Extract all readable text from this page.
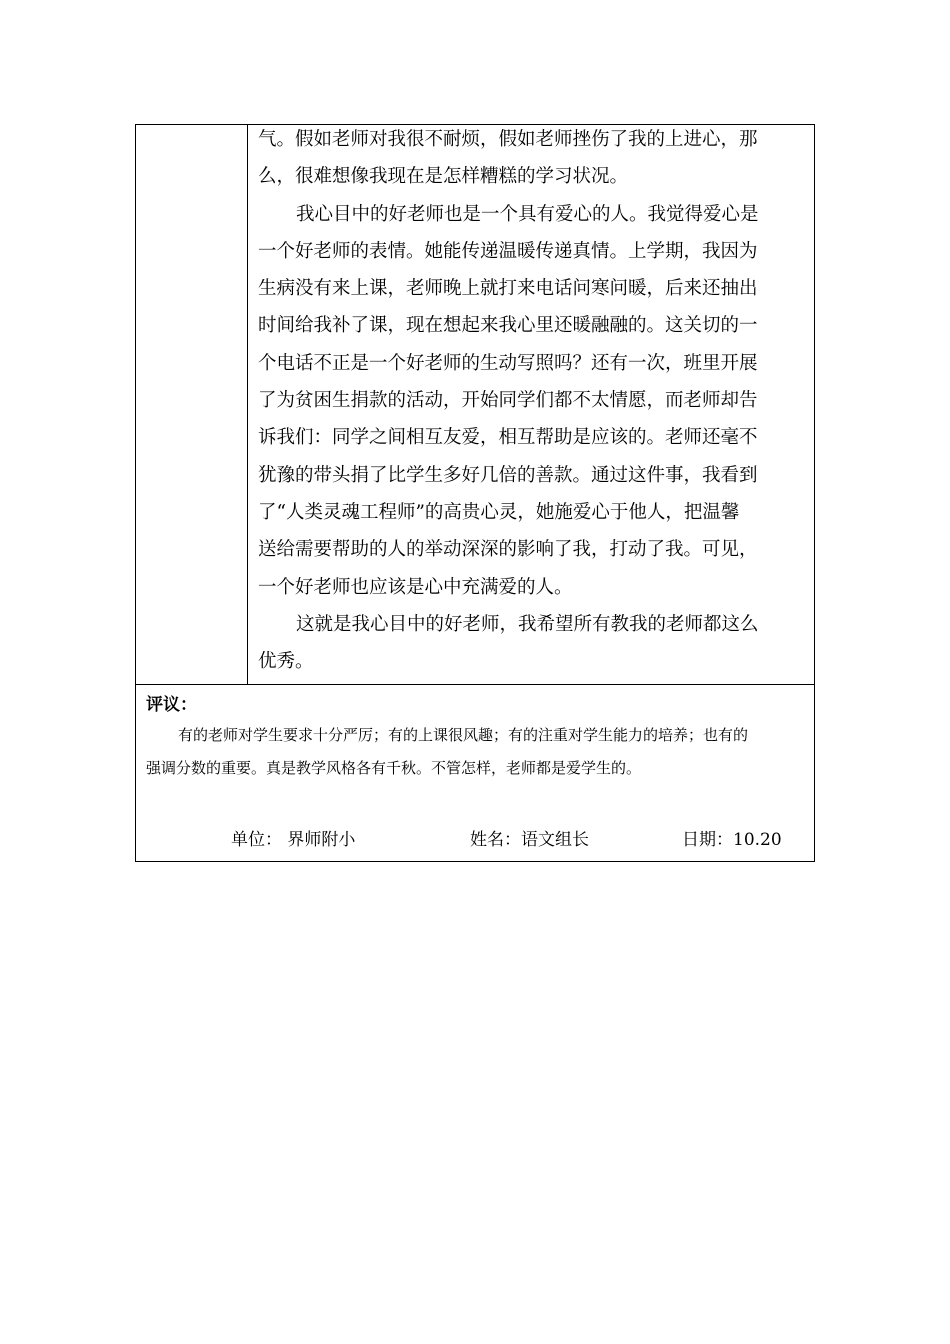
气。假如老师对我很不耐烦，假如老师挫伤了我的上进心，那
么，很难想像我现在是怎样糟糕的学习状况。
我心目中的好老师也是一个具有爱心的人。我觉得爱心是
一个好老师的表情。她能传递温暖传递真情。上学期，我因为
生病没有来上课，老师晚上就打来电话问寒问暖，后来还抽出
时间给我补了课，现在想起来我心里还暖融融的。这关切的一
个电话不正是一个好老师的生动写照吗？还有一次，班里开展
了为贫困生捐款的活动，开始同学们都不太情愿，而老师却告
诉我们：同学之间相互友爱，相互帮助是应该的。老师还毫不
犹豫的带头捐了比学生多好几倍的善款。通过这件事，我看到
了“人类灵魂工程师”的高贵心灵，她施爱心于他人，把温馨
送给需要帮助的人的举动深深的影响了我，打动了我。可见，
一个好老师也应该是心中充满爱的人。
这就是我心目中的好老师，我希望所有教我的老师都这么
优秀。
评议：
有的老师对学生要求十分严厉；有的上课很风趣；有的注重对学生能力的培养；也有的
强调分数的重要。真是教学风格各有千秋。不管怎样，老师都是爱学生的。
单位： 界师附小	姓名：语文组长	日期：10.20
